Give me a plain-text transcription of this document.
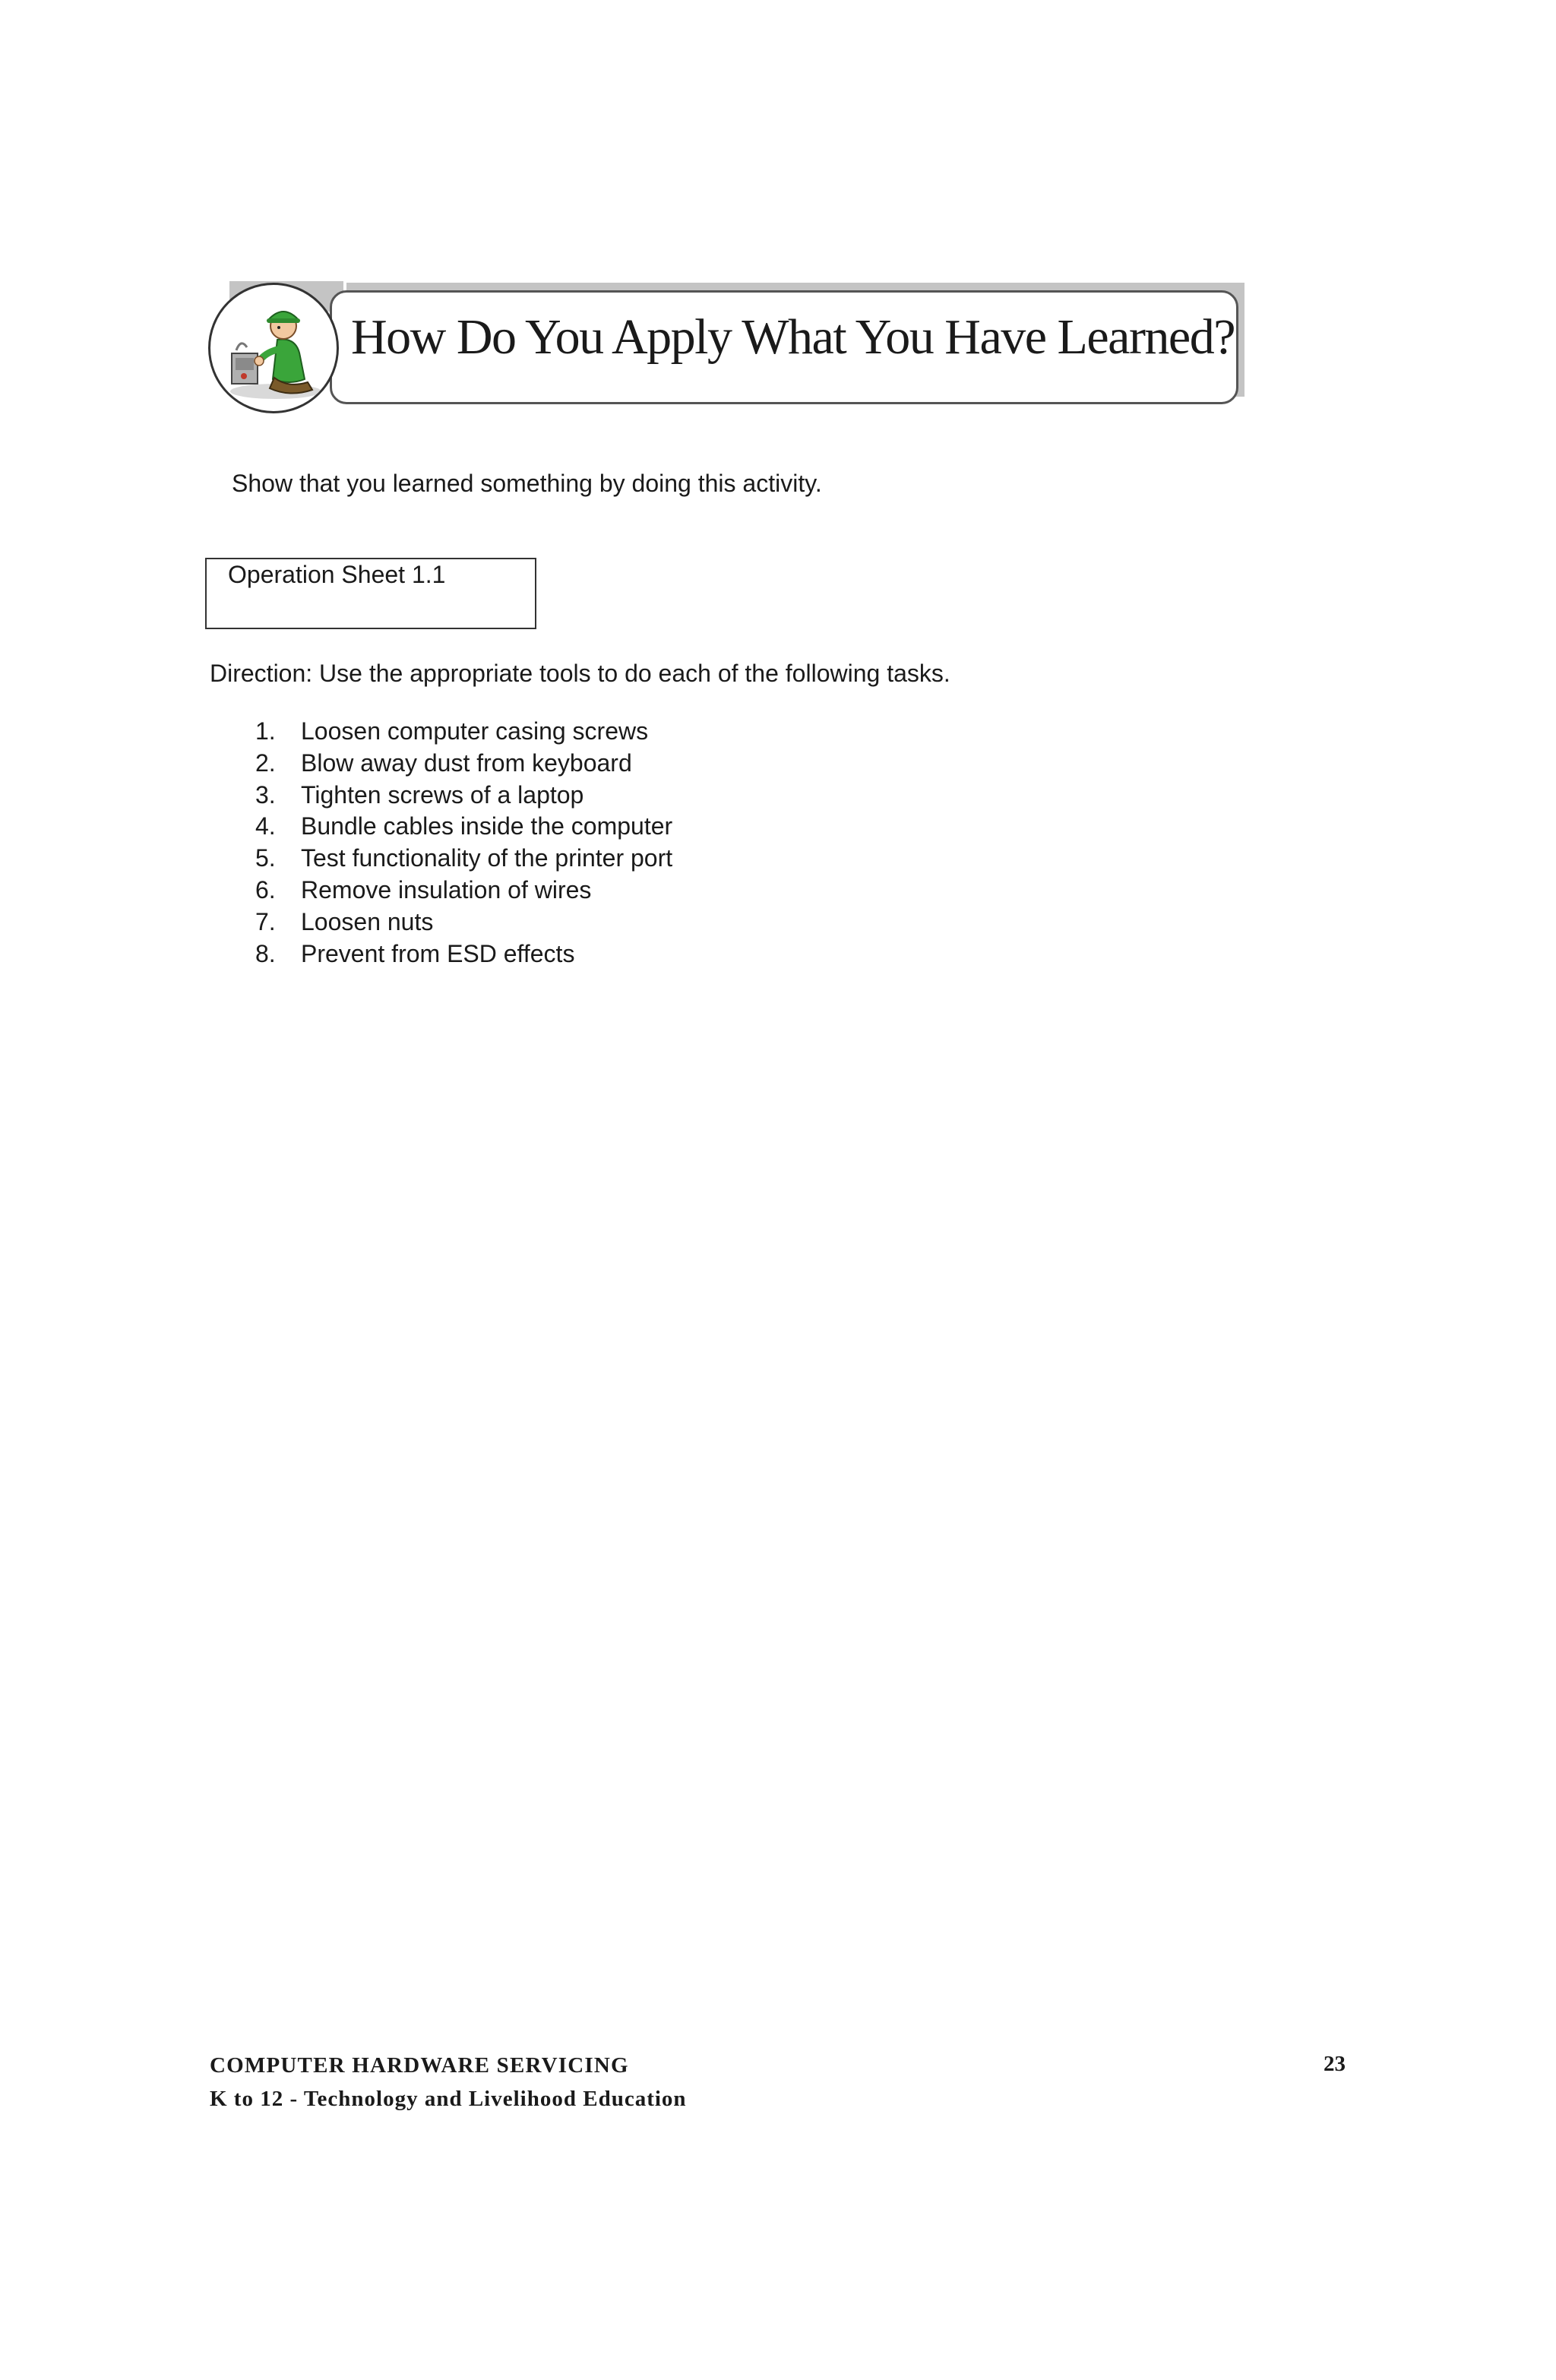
How Do You Apply What You Have Learned?
Show that you learned something by doing this activity.
Operation Sheet 1.1
Direction: Use the appropriate tools to do each of the following tasks.
1.	Loosen computer casing screws
2.	Blow away dust from keyboard
3.	Tighten screws of a laptop
4.	Bundle cables inside the computer
5.	Test functionality of the printer port
6.	Remove insulation of wires
7.	Loosen nuts
8.	Prevent from ESD effects
COMPUTER HARDWARE SERVICING
K to 12 - Technology and Livelihood Education
23
